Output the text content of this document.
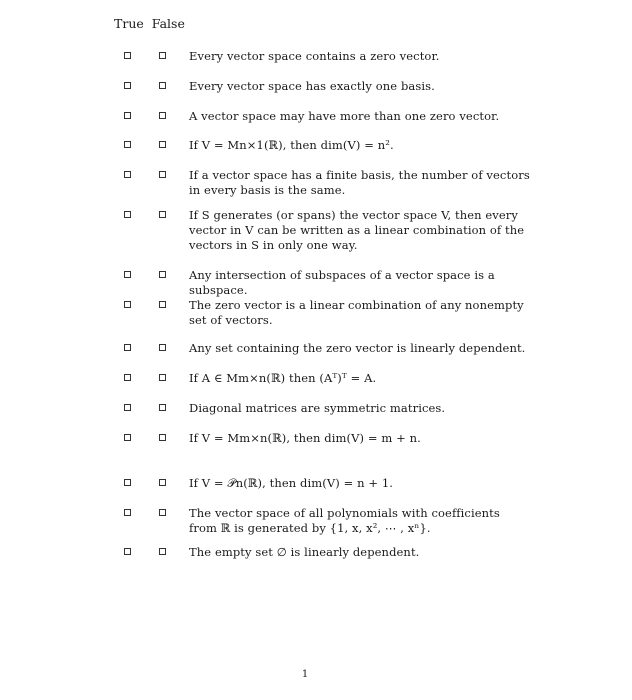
True False
Every vector space contains a zero vector.
Every vector space has exactly one basis.
A vector space may have more than one zero vector.
If V = Mn×1(ℝ), then dim(V) = n².
If a vector space has a finite basis, the number of vectors in every basis is the same.
If S generates (or spans) the vector space V, then every vector in V can be written as a linear combination of the vectors in S in only one way.
Any intersection of subspaces of a vector space is a subspace.
The zero vector is a linear combination of any nonempty set of vectors.
Any set containing the zero vector is linearly dependent.
If A ∈ Mm×n(ℝ) then (Aᵀ)ᵀ = A.
Diagonal matrices are symmetric matrices.
If V = Mm×n(ℝ), then dim(V) = m + n.
If V = 𝒫n(ℝ), then dim(V) = n + 1.
The vector space of all polynomials with coefficients from ℝ is generated by {1, x, x², ⋯ , xⁿ}.
The empty set ∅ is linearly dependent.
1
